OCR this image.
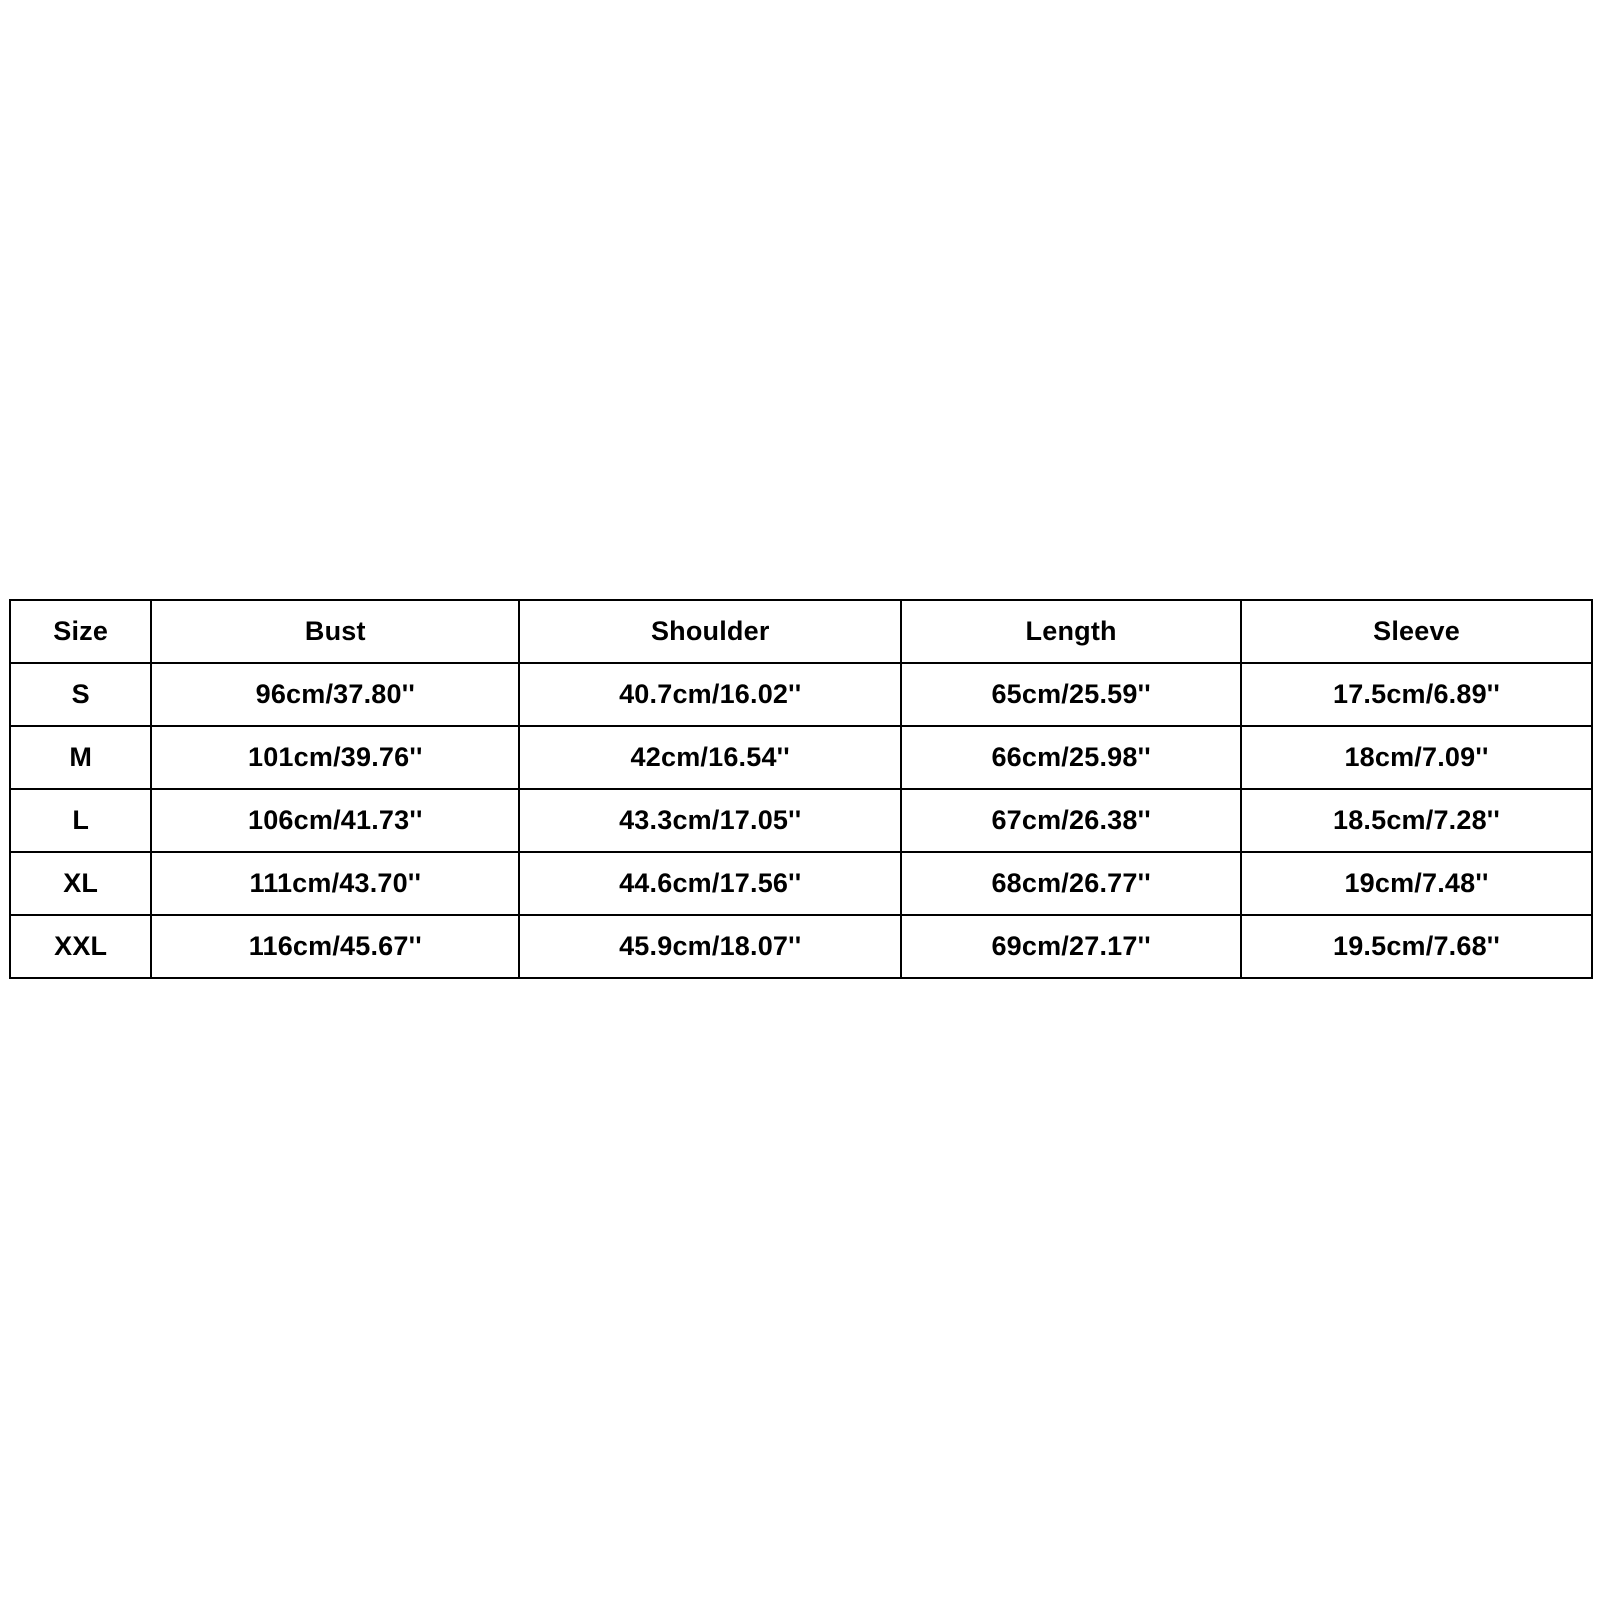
Size	Bust	Shoulder	Length	Sleeve
S	96cm/37.80''	40.7cm/16.02''	65cm/25.59''	17.5cm/6.89''
M	101cm/39.76''	42cm/16.54''	66cm/25.98''	18cm/7.09''
L	106cm/41.73''	43.3cm/17.05''	67cm/26.38''	18.5cm/7.28''
XL	111cm/43.70''	44.6cm/17.56''	68cm/26.77''	19cm/7.48''
XXL	116cm/45.67''	45.9cm/18.07''	69cm/27.17''	19.5cm/7.68''
